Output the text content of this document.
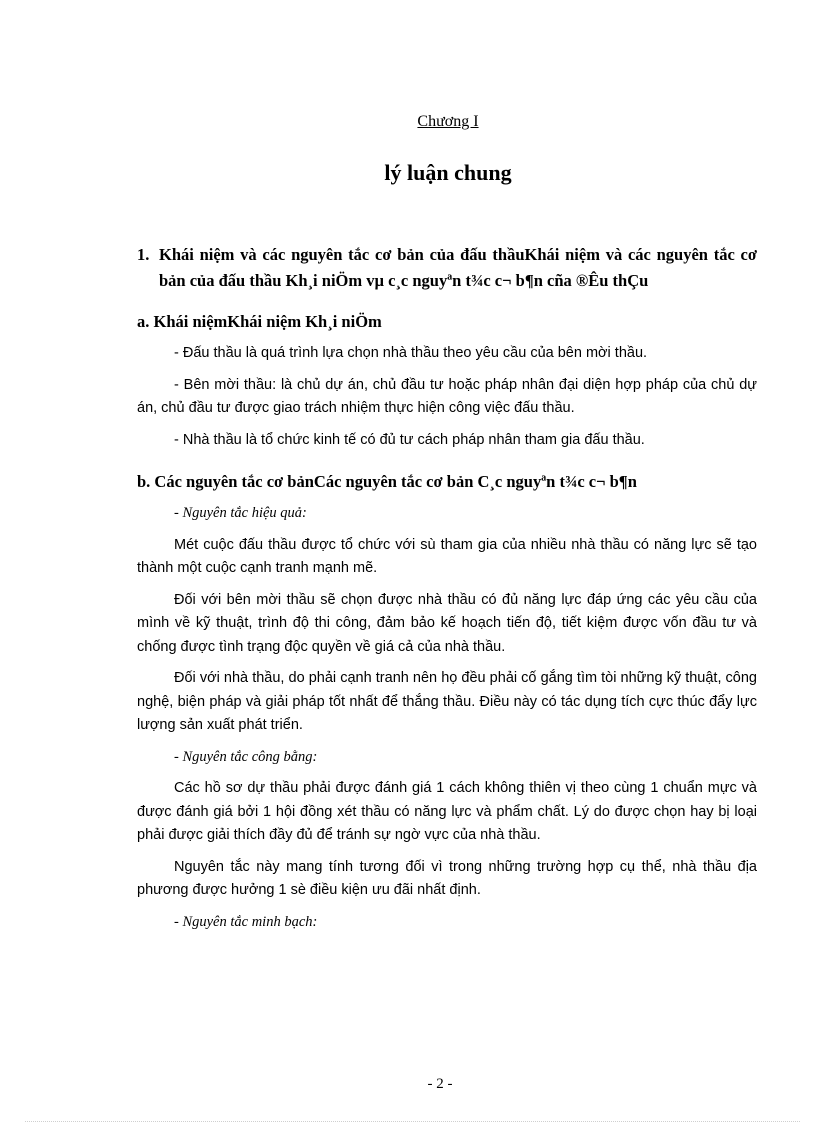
Chương I
lý luận chung
1. Khái niệm và các nguyên tắc cơ bản của đấu thầuKhái niệm và các nguyên tắc cơ bản của đấu thầu Kh¸i niÖm vµ c¸c nguyªn t¾c c¬ b¶n cña ®Êu thÇu
a. Khái niệmKhái niệm Kh¸i niÖm

- Đấu thầu là quá trình lựa chọn nhà thầu theo yêu cầu của bên mời thầu.

- Bên mời thầu: là chủ dự án, chủ đầu tư hoặc pháp nhân đại diện hợp pháp của chủ dự án, chủ đầu tư được giao trách nhiệm thực hiện công việc đấu thầu.

- Nhà thầu là tổ chức kinh tế có đủ tư cách pháp nhân tham gia đấu thầu.

b. Các nguyên tắc cơ bảnCác nguyên tắc cơ bản C¸c nguyªn t¾c c¬ b¶n

- Nguyên tắc hiệu quả:

Mét cuộc đấu thầu được tổ chức với sù tham gia của nhiều nhà thầu có năng lực sẽ tạo thành một cuộc cạnh tranh mạnh mẽ.

Đối với bên mời thầu sẽ chọn được nhà thầu có đủ năng lực đáp ứng các yêu cầu của mình về kỹ thuật, trình độ thi công, đảm bảo kế hoạch tiến độ, tiết kiệm được vốn đầu tư và chống được tình trạng độc quyền về giá cả của nhà thầu.

Đối với nhà thầu, do phải cạnh tranh nên họ đều phải cố gắng tìm tòi những kỹ thuật, công nghệ, biện pháp và giải pháp tốt nhất để thắng thầu. Điều này có tác dụng tích cực thúc đẩy lực lượng sản xuất phát triển.

- Nguyên tắc công bằng:

Các hồ sơ dự thầu phải được đánh giá 1 cách không thiên vị theo cùng 1 chuẩn mực và được đánh giá bởi 1 hội đồng xét thầu có năng lực và phẩm chất. Lý do được chọn hay bị loại phải được giải thích đầy đủ để tránh sự ngờ vực của nhà thầu.

Nguyên tắc này mang tính tương đối vì trong những trường hợp cụ thể, nhà thầu địa phương được hưởng 1 sè điều kiện ưu đãi nhất định.

- Nguyên tắc minh bạch:

- 2 -
